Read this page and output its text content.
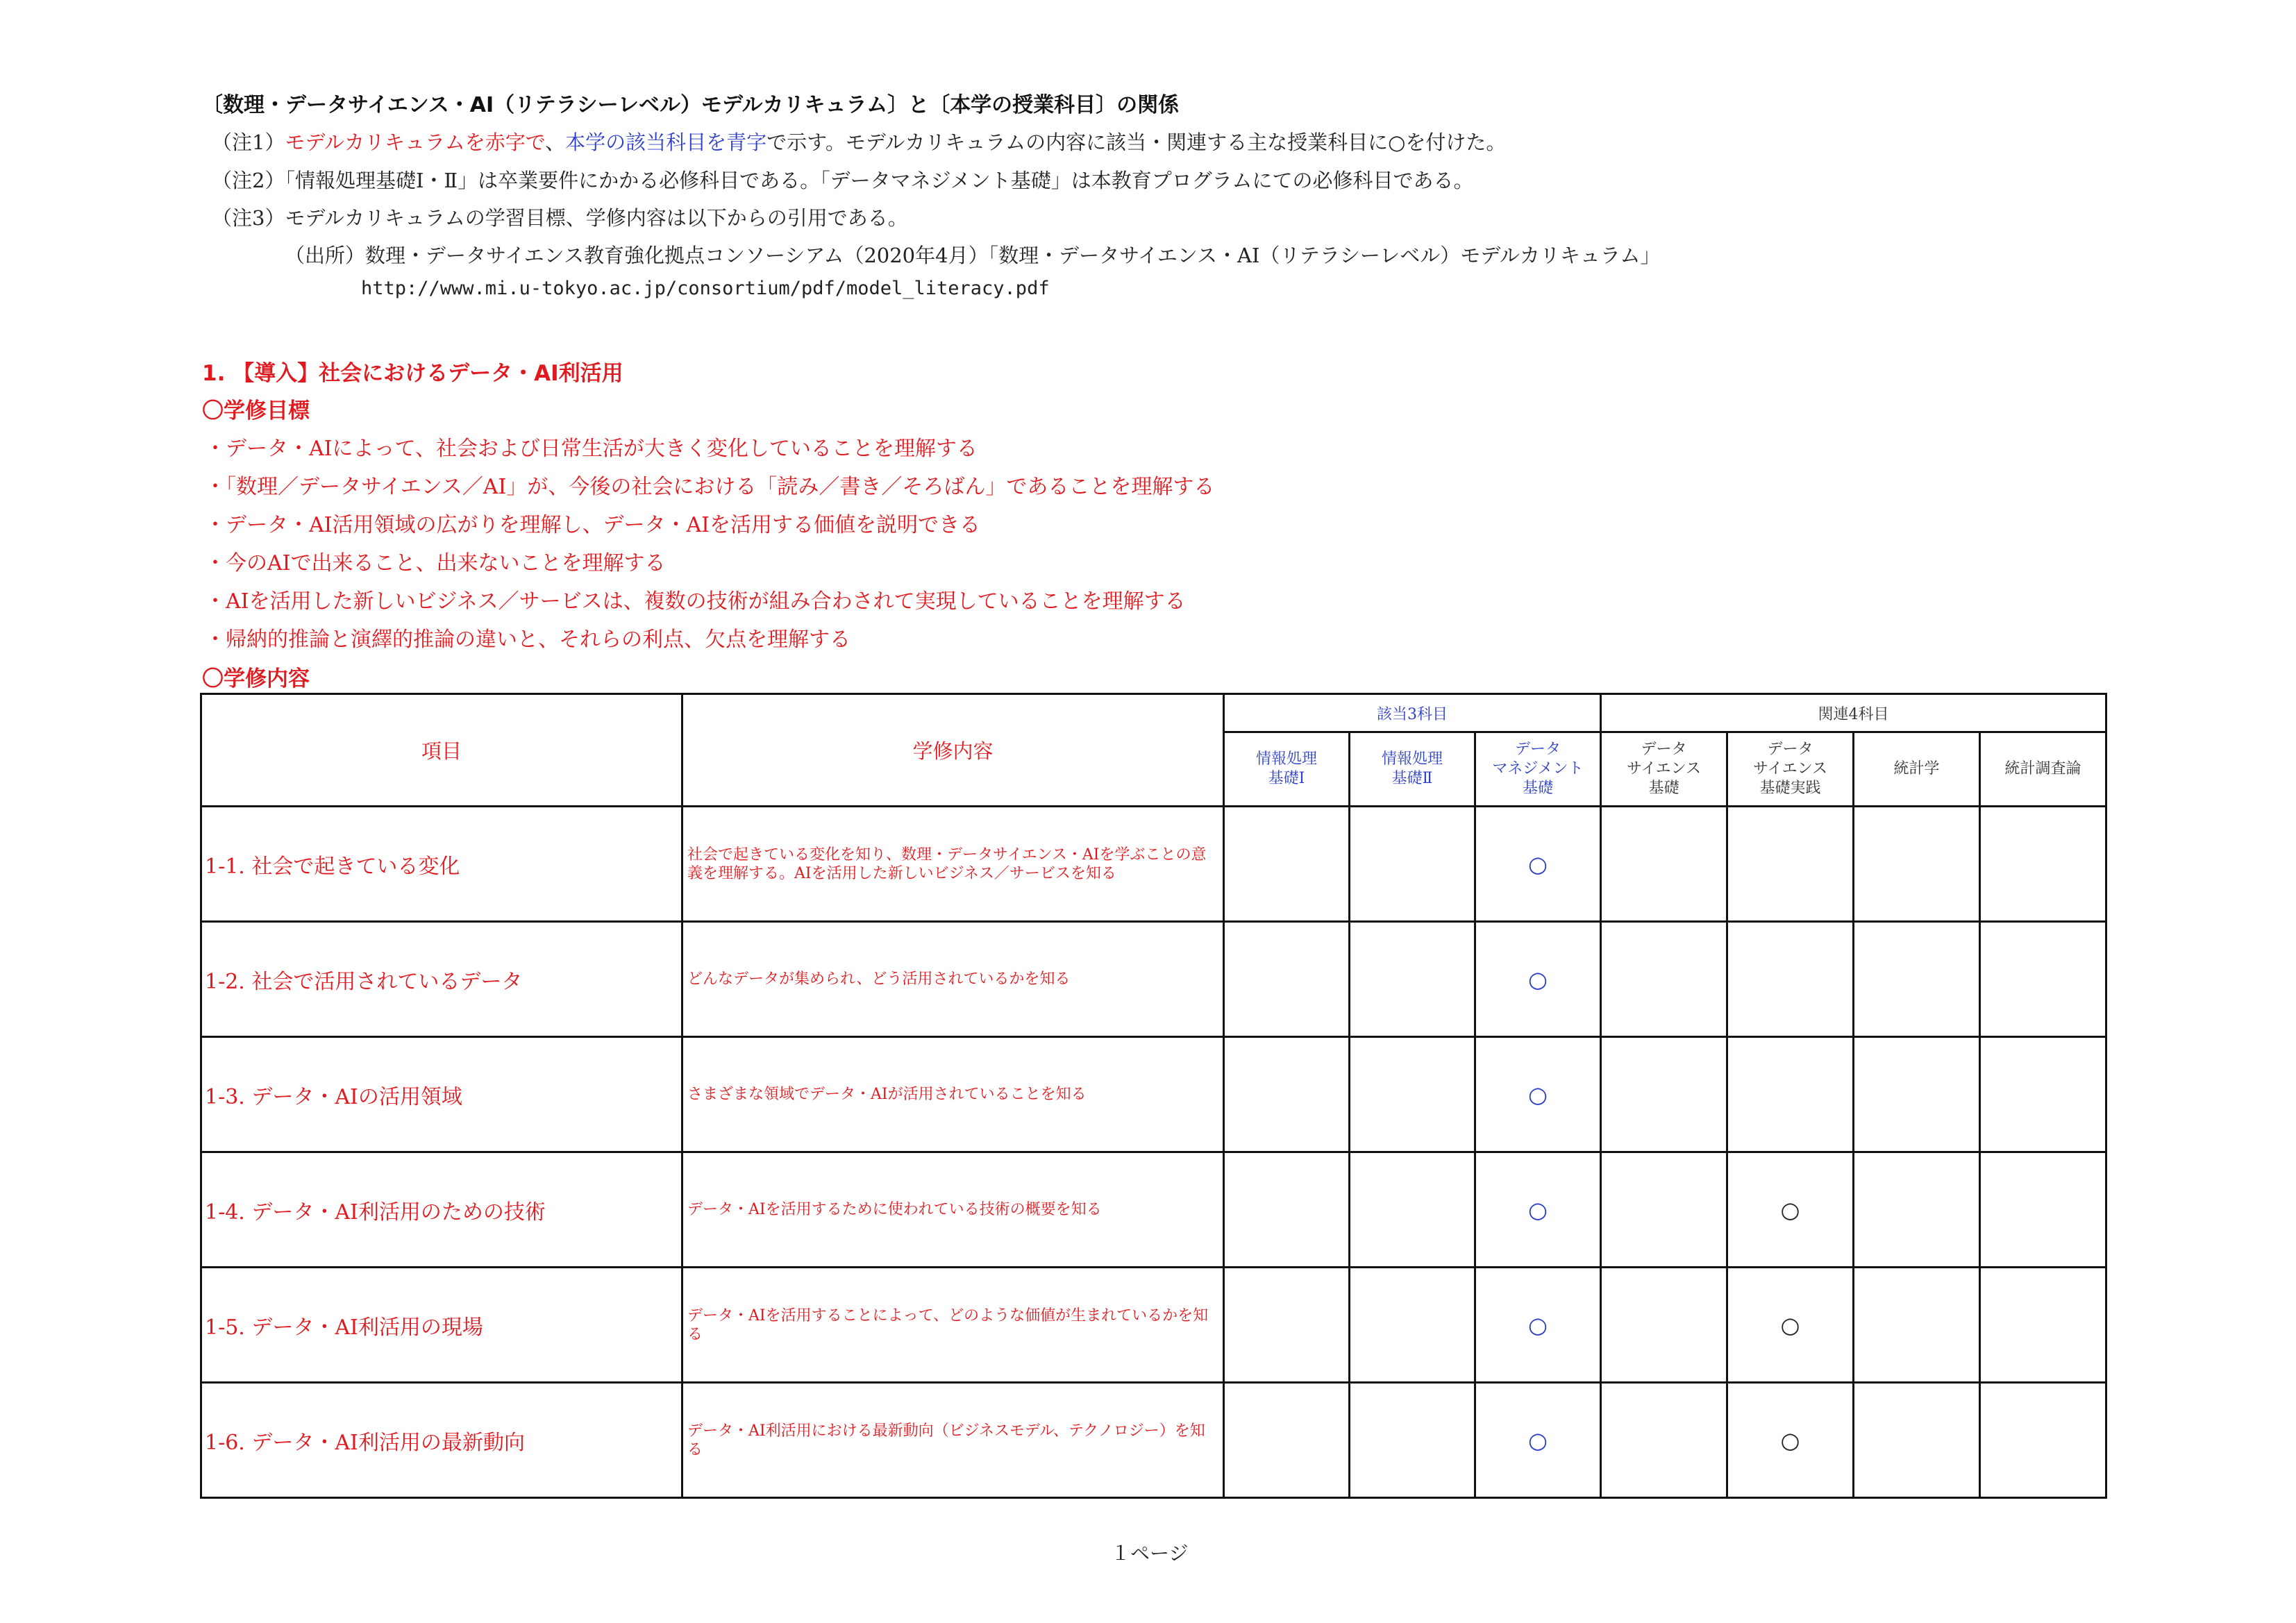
〔数理・データサイエンス・AI（リテラシーレベル）モデルカリキュラム〕と〔本学の授業科目〕の関係
（注1）モデルカリキュラムを赤字で、本学の該当科目を青字で示す。モデルカリキュラムの内容に該当・関連する主な授業科目に○を付けた。
（注2）「情報処理基礎Ⅰ・Ⅱ」は卒業要件にかかる必修科目である。「データマネジメント基礎」は本教育プログラムにての必修科目である。
（注3）モデルカリキュラムの学習目標、学修内容は以下からの引用である。
（出所）数理・データサイエンス教育強化拠点コンソーシアム（2020年4月）「数理・データサイエンス・AI（リテラシーレベル）モデルカリキュラム」
http://www.mi.u-tokyo.ac.jp/consortium/pdf/model_literacy.pdf
1. 【導入】社会におけるデータ・AI利活用
〇学修目標
・データ・AIによって、社会および日常生活が大きく変化していることを理解する
・「数理／データサイエンス／AI」が、今後の社会における「読み／書き／そろばん」であることを理解する
・データ・AI活用領域の広がりを理解し、データ・AIを活用する価値を説明できる
・今のAIで出来ること、出来ないことを理解する
・AIを活用した新しいビジネス／サービスは、複数の技術が組み合わされて実現していることを理解する
・帰納的推論と演繹的推論の違いと、それらの利点、欠点を理解する
〇学修内容
項目	学修内容	該当3科目			関連4科目			
		情報処理
基礎Ⅰ	情報処理
基礎Ⅱ	データ
マネジメント
基礎	データ
サイエンス
基礎	データ
サイエンス
基礎実践	統計学	統計調査論
1-1. 社会で起きている変化	社会で起きている変化を知り、数理・データサイエンス・AIを学ぶことの意義を理解する。AIを活用した新しいビジネス／サービスを知る			○				
1-2. 社会で活用されているデータ	どんなデータが集められ、どう活用されているかを知る			○				
1-3. データ・AIの活用領域	さまざまな領域でデータ・AIが活用されていることを知る			○				
1-4. データ・AI利活用のための技術	データ・AIを活用するために使われている技術の概要を知る			○		○		
1-5. データ・AI利活用の現場	データ・AIを活用することによって、どのような価値が生まれているかを知る			○		○		
1-6. データ・AI利活用の最新動向	データ・AI利活用における最新動向（ビジネスモデル、テクノロジー）を知る			○		○		
１ページ
